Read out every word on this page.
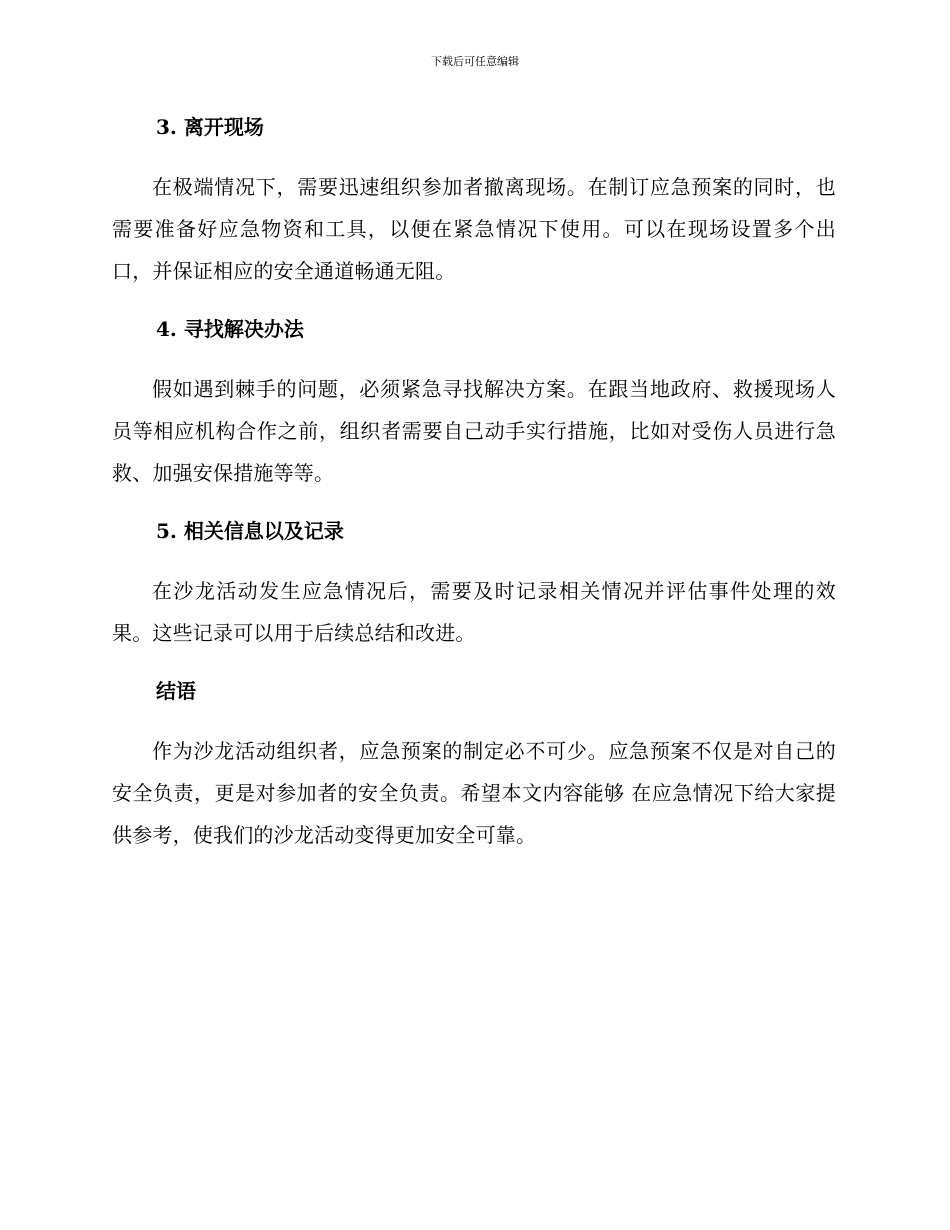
下载后可任意编辑
3. 离开现场

在极端情况下，需要迅速组织参加者撤离现场。在制订应急预案的同时，也需要准备好应急物资和工具，以便在紧急情况下使用。可以在现场设置多个出口，并保证相应的安全通道畅通无阻。

4. 寻找解决办法

假如遇到棘手的问题，必须紧急寻找解决方案。在跟当地政府、救援现场人员等相应机构合作之前，组织者需要自己动手实行措施，比如对受伤人员进行急救、加强安保措施等等。

5. 相关信息以及记录

在沙龙活动发生应急情况后，需要及时记录相关情况并评估事件处理的效果。这些记录可以用于后续总结和改进。

结语

作为沙龙活动组织者，应急预案的制定必不可少。应急预案不仅是对自己的安全负责，更是对参加者的安全负责。希望本文内容能够 在应急情况下给大家提供参考，使我们的沙龙活动变得更加安全可靠。
